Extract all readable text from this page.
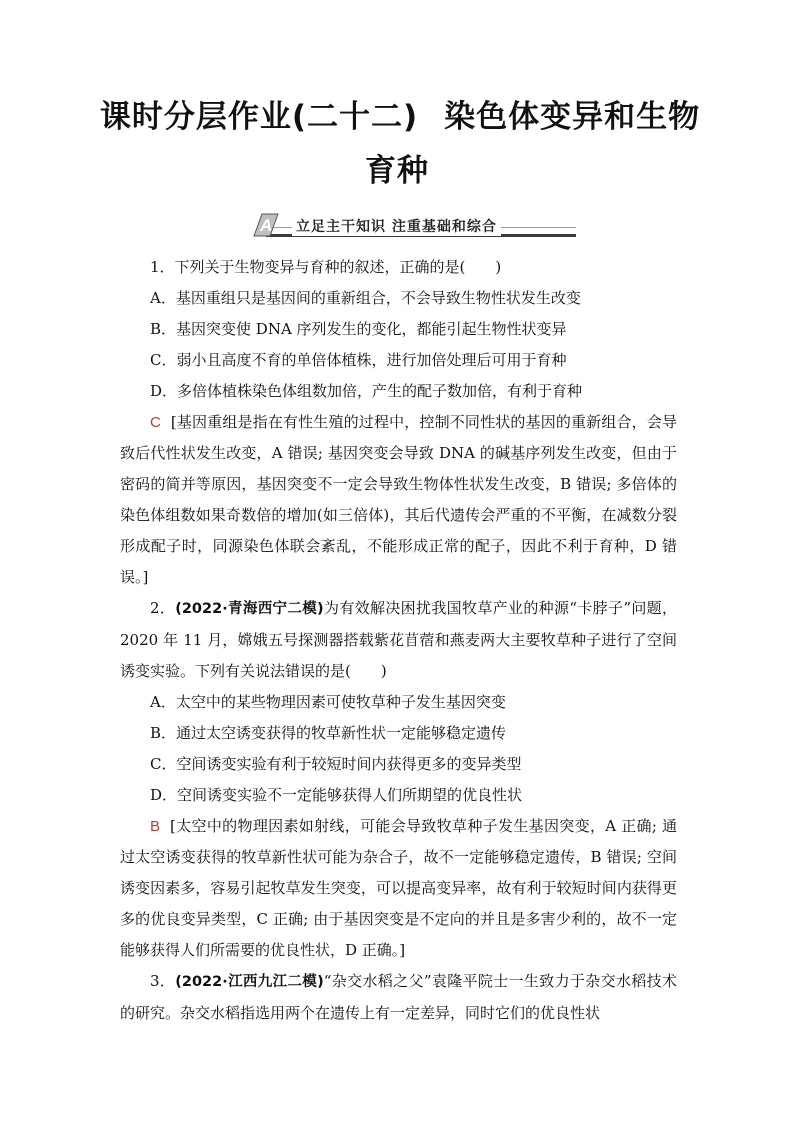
课时分层作业(二十二) 染色体变异和生物
育种
A 立足主干知识 注重基础和综合

1．下列关于生物变异与育种的叙述，正确的是(　　)

A．基因重组只是基因间的重新组合，不会导致生物性状发生改变

B．基因突变使 DNA 序列发生的变化，都能引起生物性状变异

C．弱小且高度不育的单倍体植株，进行加倍处理后可用于育种

D．多倍体植株染色体组数加倍，产生的配子数加倍，有利于育种

C [基因重组是指在有性生殖的过程中，控制不同性状的基因的重新组合，会导致后代性状发生改变，A 错误; 基因突变会导致 DNA 的碱基序列发生改变，但由于密码的简并等原因，基因突变不一定会导致生物体性状发生改变，B 错误; 多倍体的染色体组数如果奇数倍的增加(如三倍体)，其后代遗传会严重的不平衡，在减数分裂形成配子时，同源染色体联会紊乱，不能形成正常的配子，因此不利于育种，D 错误。]

2．(2022·青海西宁二模)为有效解决困扰我国牧草产业的种源“卡脖子”问题，2020 年 11 月，嫦娥五号探测器搭载紫花苜蓿和燕麦两大主要牧草种子进行了空间诱变实验。下列有关说法错误的是(　　)

A．太空中的某些物理因素可使牧草种子发生基因突变

B．通过太空诱变获得的牧草新性状一定能够稳定遗传

C．空间诱变实验有利于较短时间内获得更多的变异类型

D．空间诱变实验不一定能够获得人们所期望的优良性状

B [太空中的物理因素如射线，可能会导致牧草种子发生基因突变，A 正确; 通过太空诱变获得的牧草新性状可能为杂合子，故不一定能够稳定遗传，B 错误; 空间诱变因素多，容易引起牧草发生突变，可以提高变异率，故有利于较短时间内获得更多的优良变异类型，C 正确; 由于基因突变是不定向的并且是多害少利的，故不一定能够获得人们所需要的优良性状，D 正确。]

3．(2022·江西九江二模)“杂交水稻之父”袁隆平院士一生致力于杂交水稻技术的研究。杂交水稻指选用两个在遗传上有一定差异，同时它们的优良性状
